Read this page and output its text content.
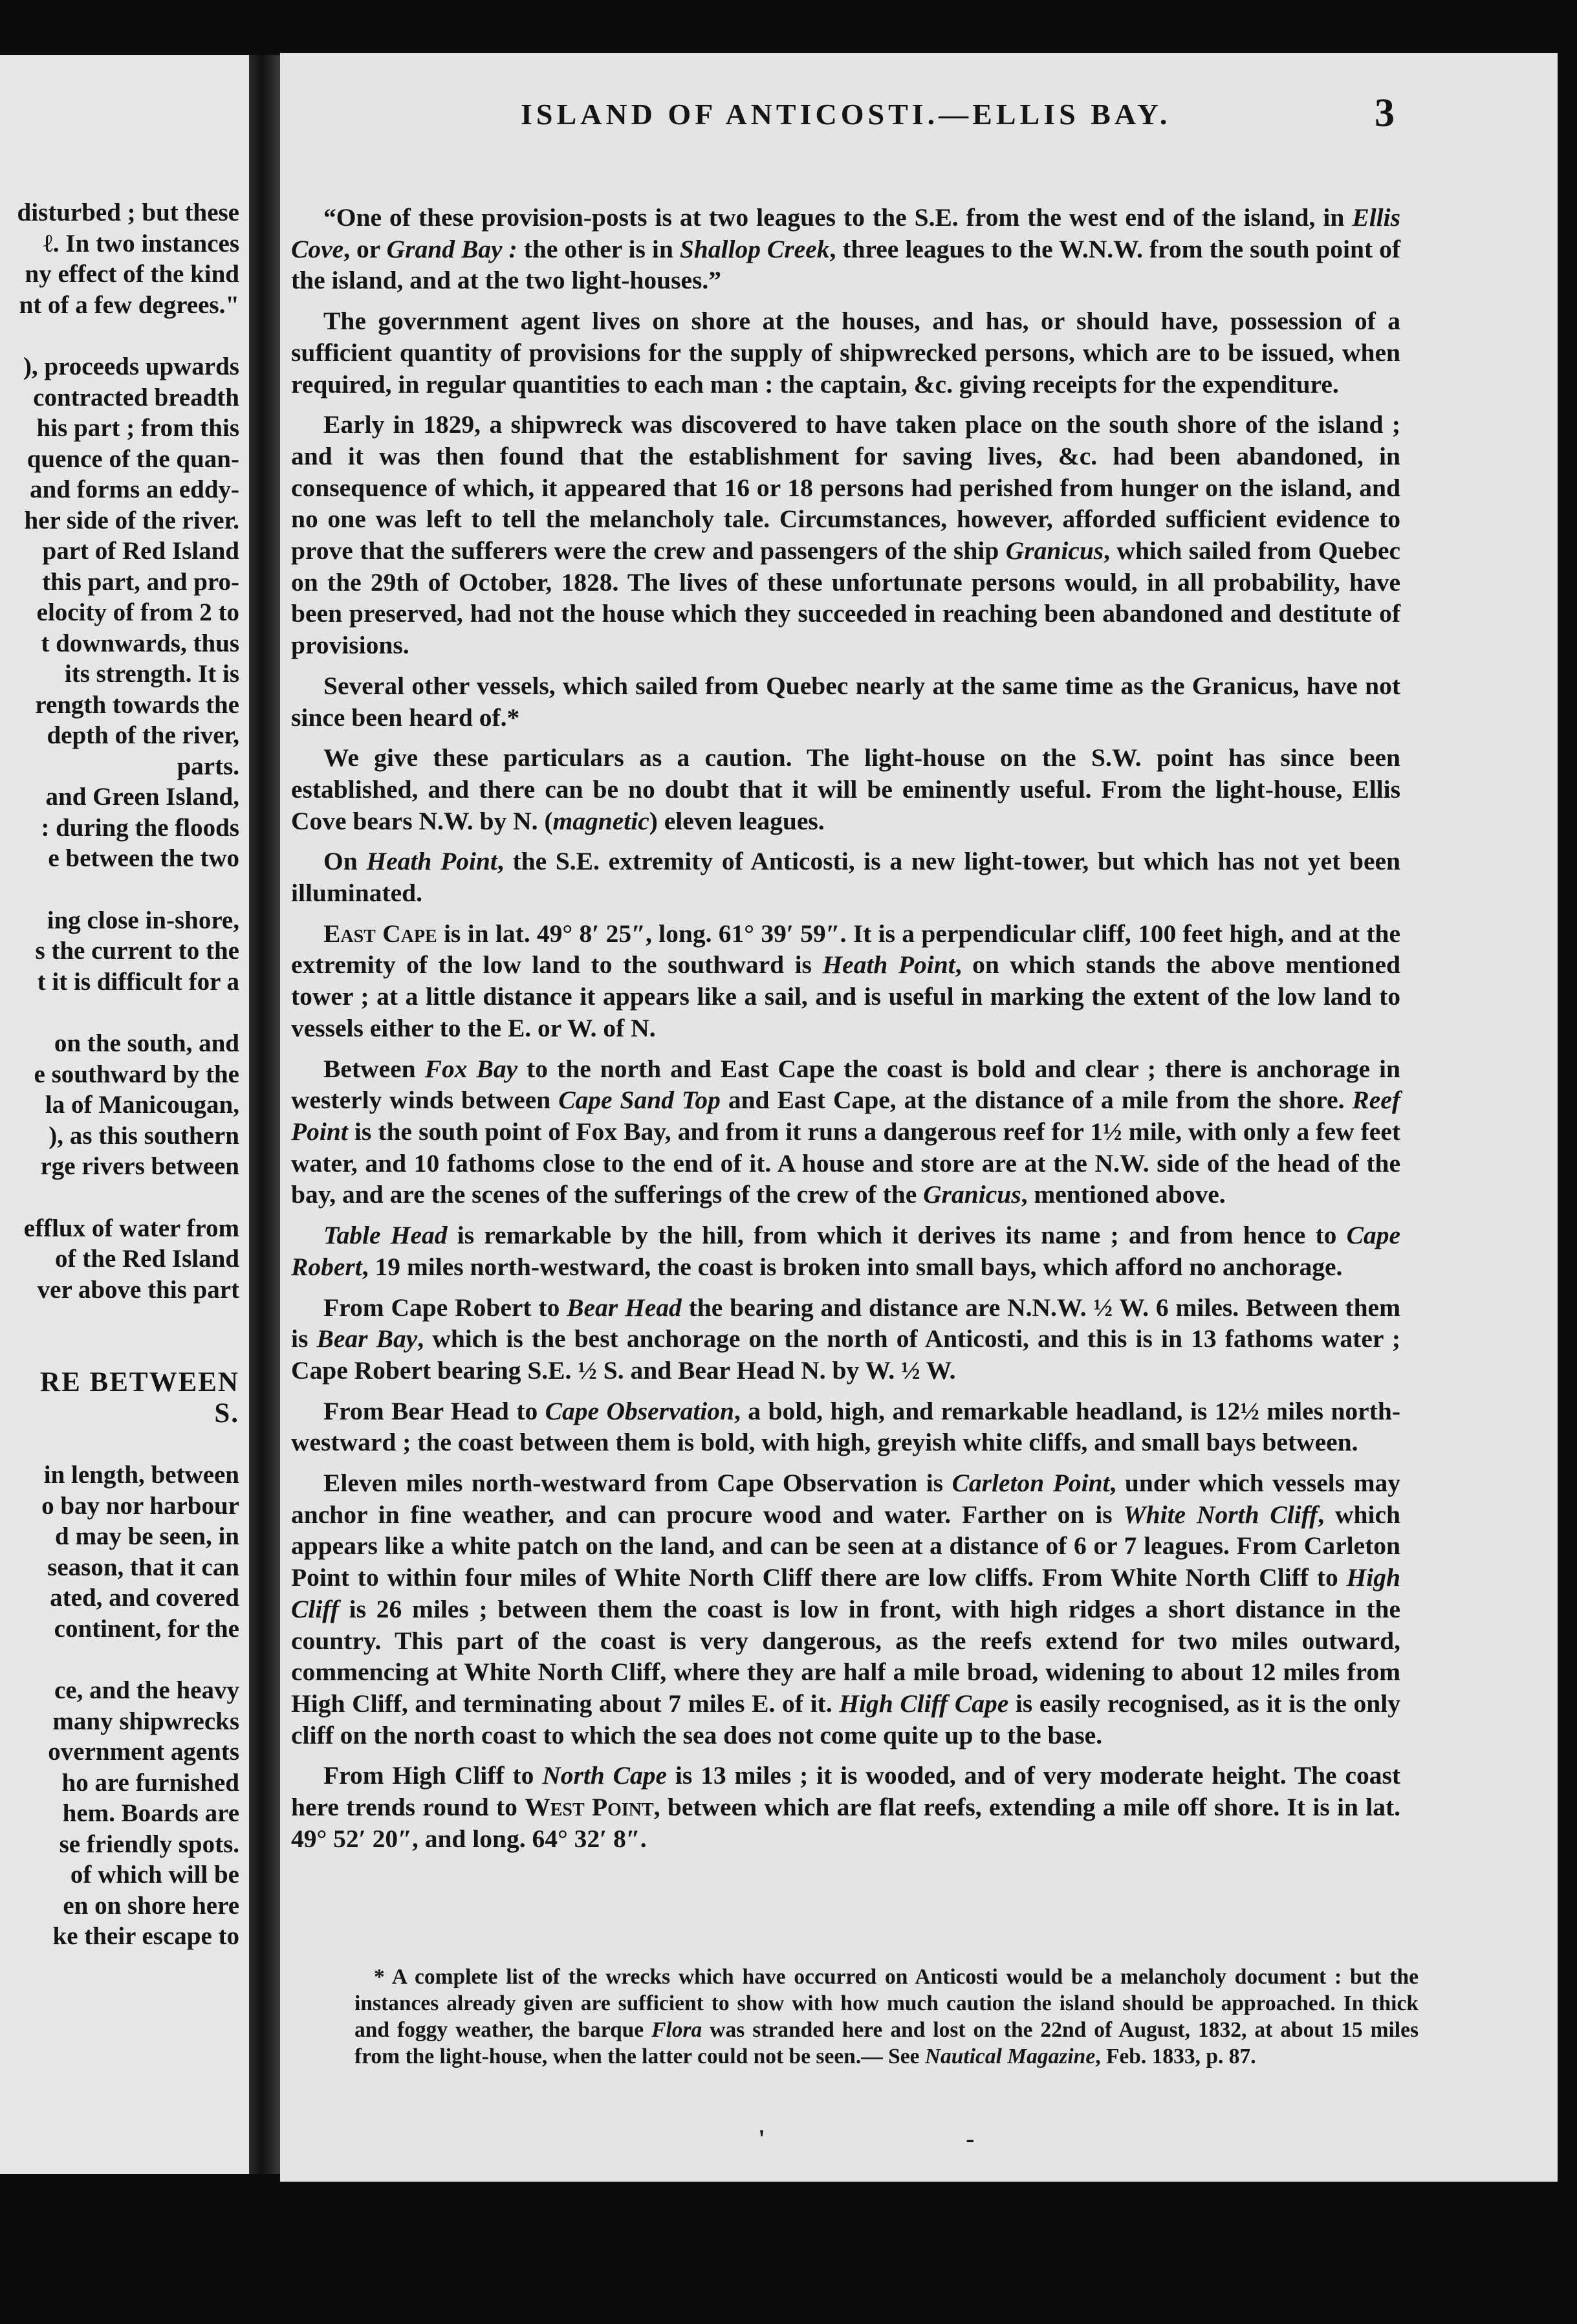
disturbed ; but these
ℓ. In two instances
ny effect of the kind
nt of a few degrees."
), proceeds upwards
contracted breadth
his part ; from this
quence of the quan-
and forms an eddy-
her side of the river.
part of Red Island
this part, and pro-
elocity of from 2 to
t downwards, thus
its strength. It is
rength towards the
depth of the river,
parts.
and Green Island,
: during the floods
e between the two
ing close in-shore,
s the current to the
t it is difficult for a
on the south, and
e southward by the
la of Manicougan,
), as this southern
rge rivers between
efflux of water from
of the Red Island
ver above this part
RE BETWEEN
S.
in length, between
o bay nor harbour
d may be seen, in
season, that it can
ated, and covered
continent, for the
ce, and the heavy
many shipwrecks
overnment agents
ho are furnished
hem. Boards are
se friendly spots.
of which will be
en on shore here
ke their escape to
ISLAND OF ANTICOSTI.—ELLIS BAY.	3

“One of these provision-posts is at two leagues to the S.E. from the west end of the island, in Ellis Cove, or Grand Bay : the other is in Shallop Creek, three leagues to the W.N.W. from the south point of the island, and at the two light-houses.”

The government agent lives on shore at the houses, and has, or should have, possession of a sufficient quantity of provisions for the supply of shipwrecked persons, which are to be issued, when required, in regular quantities to each man : the captain, &c. giving receipts for the expenditure.

Early in 1829, a shipwreck was discovered to have taken place on the south shore of the island ; and it was then found that the establishment for saving lives, &c. had been abandoned, in consequence of which, it appeared that 16 or 18 persons had perished from hunger on the island, and no one was left to tell the melancholy tale. Circumstances, however, afforded sufficient evidence to prove that the sufferers were the crew and passengers of the ship Granicus, which sailed from Quebec on the 29th of October, 1828. The lives of these unfortunate persons would, in all probability, have been preserved, had not the house which they succeeded in reaching been abandoned and destitute of provisions.

Several other vessels, which sailed from Quebec nearly at the same time as the Granicus, have not since been heard of.*

We give these particulars as a caution. The light-house on the S.W. point has since been established, and there can be no doubt that it will be eminently useful. From the light-house, Ellis Cove bears N.W. by N. (magnetic) eleven leagues.

On Heath Point, the S.E. extremity of Anticosti, is a new light-tower, but which has not yet been illuminated.

East Cape is in lat. 49° 8′ 25″, long. 61° 39′ 59″. It is a perpendicular cliff, 100 feet high, and at the extremity of the low land to the southward is Heath Point, on which stands the above mentioned tower ; at a little distance it appears like a sail, and is useful in marking the extent of the low land to vessels either to the E. or W. of N.

Between Fox Bay to the north and East Cape the coast is bold and clear ; there is anchorage in westerly winds between Cape Sand Top and East Cape, at the distance of a mile from the shore. Reef Point is the south point of Fox Bay, and from it runs a dangerous reef for 1½ mile, with only a few feet water, and 10 fathoms close to the end of it. A house and store are at the N.W. side of the head of the bay, and are the scenes of the sufferings of the crew of the Granicus, mentioned above.

Table Head is remarkable by the hill, from which it derives its name ; and from hence to Cape Robert, 19 miles north-westward, the coast is broken into small bays, which afford no anchorage.

From Cape Robert to Bear Head the bearing and distance are N.N.W. ½ W. 6 miles. Between them is Bear Bay, which is the best anchorage on the north of Anticosti, and this is in 13 fathoms water ; Cape Robert bearing S.E. ½ S. and Bear Head N. by W. ½ W.

From Bear Head to Cape Observation, a bold, high, and remarkable headland, is 12½ miles north-westward ; the coast between them is bold, with high, greyish white cliffs, and small bays between.

Eleven miles north-westward from Cape Observation is Carleton Point, under which vessels may anchor in fine weather, and can procure wood and water. Farther on is White North Cliff, which appears like a white patch on the land, and can be seen at a distance of 6 or 7 leagues. From Carleton Point to within four miles of White North Cliff there are low cliffs. From White North Cliff to High Cliff is 26 miles ; between them the coast is low in front, with high ridges a short distance in the country. This part of the coast is very dangerous, as the reefs extend for two miles outward, commencing at White North Cliff, where they are half a mile broad, widening to about 12 miles from High Cliff, and terminating about 7 miles E. of it. High Cliff Cape is easily recognised, as it is the only cliff on the north coast to which the sea does not come quite up to the base.

From High Cliff to North Cape is 13 miles ; it is wooded, and of very moderate height. The coast here trends round to West Point, between which are flat reefs, extending a mile off shore. It is in lat. 49° 52′ 20″, and long. 64° 32′ 8″.

* A complete list of the wrecks which have occurred on Anticosti would be a melancholy document : but the instances already given are sufficient to show with how much caution the island should be approached. In thick and foggy weather, the barque Flora was stranded here and lost on the 22nd of August, 1832, at about 15 miles from the light-house, when the latter could not be seen.— See Nautical Magazine, Feb. 1833, p. 87.

' -
